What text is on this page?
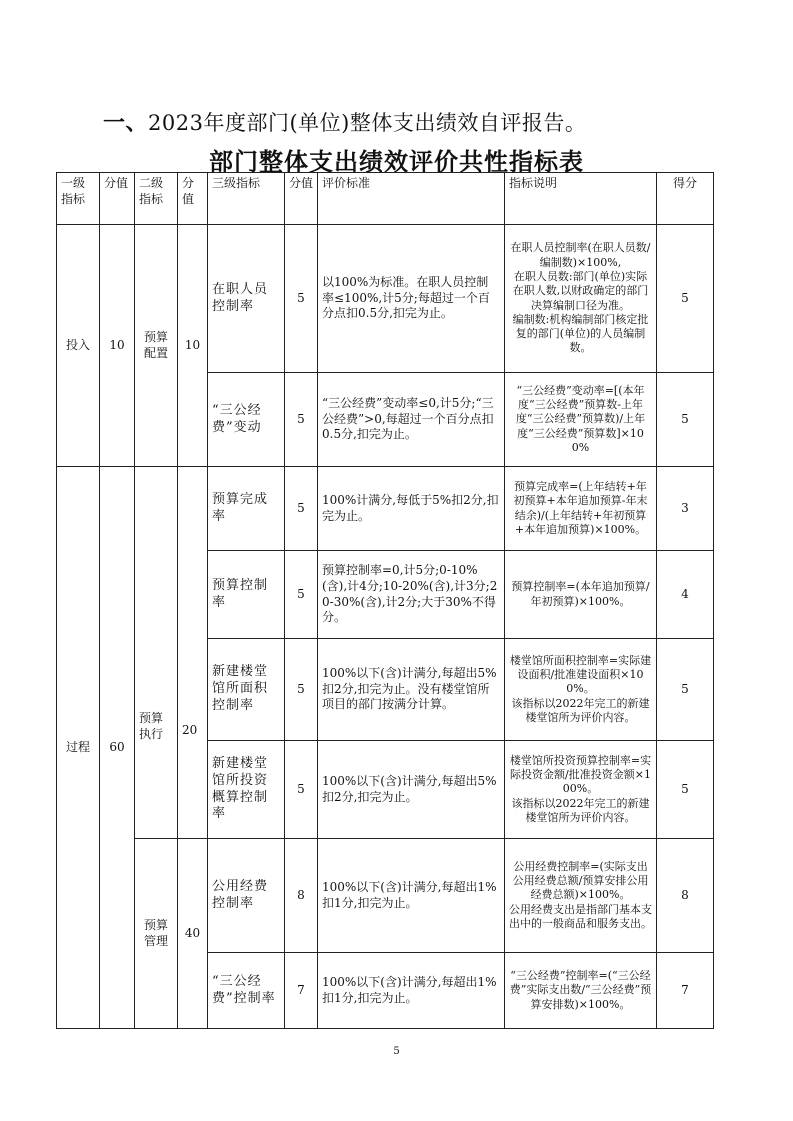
一、2023年度部门(单位)整体支出绩效自评报告。
部门整体支出绩效评价共性指标表
一级指标	分值	二级指标	分值	三级指标	分值	评价标准	指标说明	得分
投入	10	预算配置	10	在职人员控制率	5	以100%为标准。在职人员控制率≤100%,计5分;每超过一个百分点扣0.5分,扣完为止。	在职人员控制率(在职人员数/编制数)×100%,
在职人员数:部门(单位)实际在职人数,以财政确定的部门决算编制口径为准。
编制数:机构编制部门核定批复的部门(单位)的人员编制数。	5
				“三公经费”变动	5	“三公经费”变动率≤0,计5分;“三公经费”>0,每超过一个百分点扣0.5分,扣完为止。	“三公经费”变动率=[(本年度“三公经费”预算数-上年度“三公经费”预算数)/上年度“三公经费”预算数]×100%	5
过程	60	预算执行	20	预算完成率	5	100%计满分,每低于5%扣2分,扣完为止。	预算完成率=(上年结转+年初预算+本年追加预算-年末结余)/(上年结转+年初预算+本年追加预算)×100%。	3
				预算控制率	5	预算控制率=0,计5分;0-10%(含),计4分;10-20%(含),计3分;20-30%(含),计2分;大于30%不得分。	预算控制率=(本年追加预算/年初预算)×100%。	4
				新建楼堂馆所面积控制率	5	100%以下(含)计满分,每超出5%扣2分,扣完为止。没有楼堂馆所项目的部门按满分计算。	楼堂馆所面积控制率=实际建设面积/批准建设面积×100%。
该指标以2022年完工的新建楼堂馆所为评价内容。	5
				新建楼堂馆所投资概算控制率	5	100%以下(含)计满分,每超出5%扣2分,扣完为止。	楼堂馆所投资预算控制率=实际投资金额/批准投资金额×100%。
该指标以2022年完工的新建楼堂馆所为评价内容。	5
		预算管理	40	公用经费控制率	8	100%以下(含)计满分,每超出1%扣1分,扣完为止。	公用经费控制率=(实际支出公用经费总额/预算安排公用经费总额)×100%。
公用经费支出是指部门基本支出中的一般商品和服务支出。	8
				“三公经费”控制率	7	100%以下(含)计满分,每超出1%扣1分,扣完为止。	“三公经费”控制率=(“三公经费”实际支出数/“三公经费”预算安排数)×100%。	7
5
